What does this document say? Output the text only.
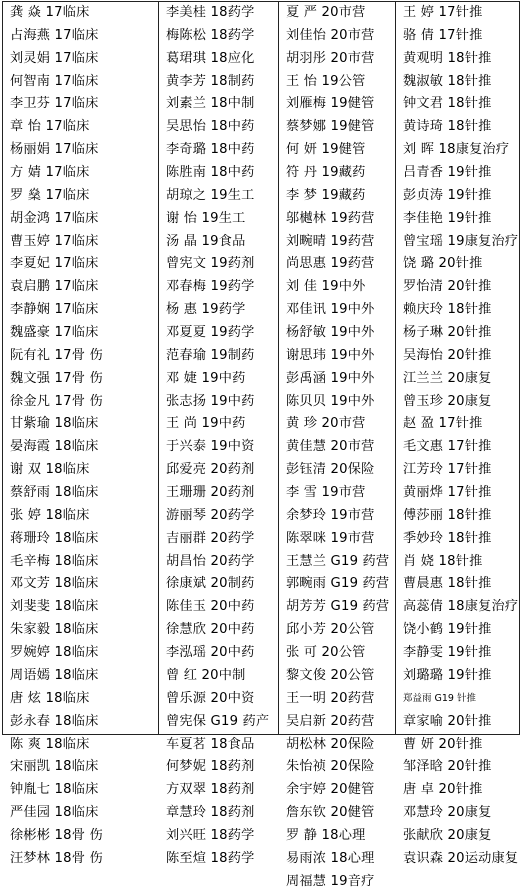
龚 焱 17临床
占海燕 17临床
刘灵娟 17临床
何智南 17临床
李卫芬 17临床
章 怡 17临床
杨丽娟 17临床
方 婧 17临床
罗 燊 17临床
胡金鸿 17临床
曹玉婷 17临床
李夏妃 17临床
袁启鹏 17临床
李静娴 17临床
魏盛豪 17临床
阮有礼 17骨 伤
魏文强 17骨 伤
徐金凡 17骨 伤
甘紫瑜 18临床
晏海霞 18临床
谢 双 18临床
蔡舒雨 18临床
张 婷 18临床
蒋珊玲 18临床
毛辛梅 18临床
邓文芳 18临床
刘斐斐 18临床
朱家毅 18临床
罗婉婷 18临床
周语嫣 18临床
唐 炫 18临床
彭永春 18临床
陈 爽 18临床
宋丽凯 18临床
钟胤七 18临床
严佳园 18临床
徐彬彬 18骨 伤
汪梦林 18骨 伤
李美桂 18药学
梅陈松 18药学
葛珺琪 18应化
黄李芳 18制药
刘素兰 18中制
吴思怡 18中药
李奇璐 18中药
陈胜南 18中药
胡琼之 19生工
谢 怡 19生工
汤 晶 19食品
曾宪文 19药剂
邓春梅 19药学
杨 惠 19药学
邓夏夏 19药学
范春瑜 19制药
邓 婕 19中药
张志扬 19中药
王 尚 19中药
于兴泰 19中资
邱爱亮 20药剂
王珊珊 20药剂
游丽琴 20药学
吉丽群 20药学
胡昌怡 20药学
徐康斌 20制药
陈佳玉 20中药
徐慧欣 20中药
李泓瑶 20中药
曾 红 20中制
曾乐源 20中资
曾宪保 G19 药产
车夏茗 18食品
何梦妮 18药剂
方双翠 18药剂
章慧玲 18药剂
刘兴旺 18药学
陈至煊 18药学
夏 严 20市营
刘佳怡 20市营
胡羽彤 20市营
王 怡 19公管
刘雁梅 19健管
蔡梦娜 19健管
何 妍 19健管
符 丹 19藏药
李 梦 19藏药
邬樾林 19药营
刘畹晴 19药营
尚思惠 19药营
刘 佳 19中外
邓佳讯 19中外
杨舒敏 19中外
谢思玮 19中外
彭禹涵 19中外
陈贝贝 19中外
黄 珍 20市营
黄佳慧 20市营
彭钰清 20保险
李 雪 19市营
余梦玲 19市营
陈翠咪 19市营
王慧兰 G19 药营
郭畹雨 G19 药营
胡芳芳 G19 药营
邱小芳 20公管
张 可 20公管
黎文俊 20公管
王一明 20药营
吴启新 20药营
胡松林 20保险
朱怡祯 20保险
余宇婷 20健管
詹东钦 20健管
罗 静 18心理
易雨浓 18心理
周福慧 19音疗
王 婷 17针推
骆 倩 17针推
黄观明 18针推
魏淑敏 18针推
钟文君 18针推
黄诗琦 18针推
刘 晖 18康复治疗
吕青香 19针推
彭贞涛 19针推
李佳艳 19针推
曾宝瑶 19康复治疗
饶 璐 20针推
罗怡清 20针推
赖庆玲 18针推
杨子琳 20针推
吴海怡 20针推
江兰兰 20康复
曾玉珍 20康复
赵 盈 17针推
毛文惠 17针推
江芳玲 17针推
黄丽烨 17针推
傅莎丽 18针推
季妙玲 18针推
肖 娆 18针推
曹晨惠 18针推
高蕊倩 18康复治疗
饶小鹤 19针推
李静雯 19针推
刘璐璐 19针推
郑益雨 G19 针推
章家喻 20针推
曹 妍 20针推
邹泽晗 20针推
唐 卓 20针推
邓慧玲 20康复
张献欣 20康复
袁识森 20运动康复
